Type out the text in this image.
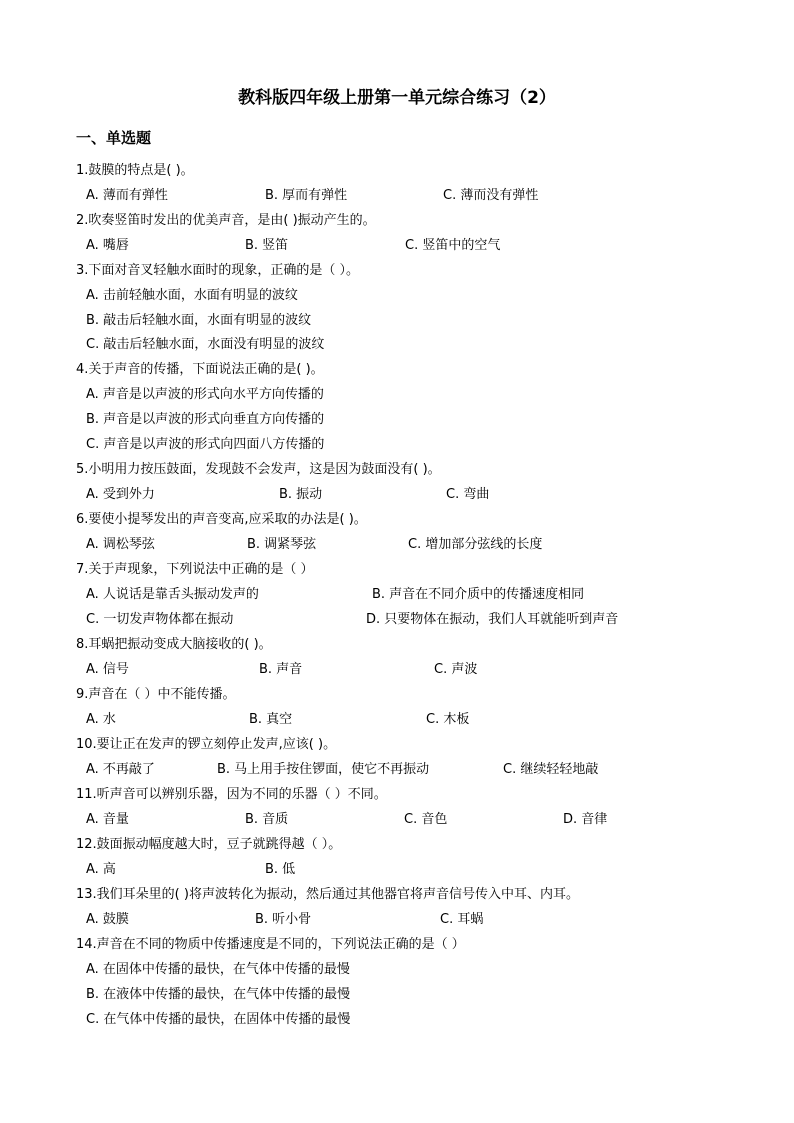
教科版四年级上册第一单元综合练习（2）
一、单选题
1.鼓膜的特点是( )。
A. 薄而有弹性	B. 厚而有弹性	C. 薄而没有弹性
2.吹奏竖笛时发出的优美声音，是由( )振动产生的。
A. 嘴唇	B. 竖笛	C. 竖笛中的空气
3.下面对音叉轻触水面时的现象，正确的是（ ）。
A. 击前轻触水面，水面有明显的波纹
B. 敲击后轻触水面，水面有明显的波纹
C. 敲击后轻触水面，水面没有明显的波纹
4.关于声音的传播，下面说法正确的是( )。
A. 声音是以声波的形式向水平方向传播的
B. 声音是以声波的形式向垂直方向传播的
C. 声音是以声波的形式向四面八方传播的
5.小明用力按压鼓面，发现鼓不会发声，这是因为鼓面没有( )。
A. 受到外力	B. 振动	C. 弯曲
6.要使小提琴发出的声音变高,应采取的办法是( )。
A. 调松琴弦	B. 调紧琴弦	C. 增加部分弦线的长度
7.关于声现象，下列说法中正确的是（ ）
A. 人说话是靠舌头振动发声的	B. 声音在不同介质中的传播速度相同
C. 一切发声物体都在振动	D. 只要物体在振动，我们人耳就能听到声音
8.耳蜗把振动变成大脑接收的( )。
A. 信号	B. 声音	C. 声波
9.声音在（ ）中不能传播。
A. 水	B. 真空	C. 木板
10.要让正在发声的锣立刻停止发声,应该( )。
A. 不再敲了	B. 马上用手按住锣面，使它不再振动	C. 继续轻轻地敲
11.听声音可以辨别乐器，因为不同的乐器（ ）不同。
A. 音量	B. 音质	C. 音色	D. 音律
12.鼓面振动幅度越大时，豆子就跳得越（ ）。
A. 高	B. 低
13.我们耳朵里的( )将声波转化为振动，然后通过其他器官将声音信号传入中耳、内耳。
A. 鼓膜	B. 听小骨	C. 耳蜗
14.声音在不同的物质中传播速度是不同的，下列说法正确的是（ ）
A. 在固体中传播的最快，在气体中传播的最慢
B. 在液体中传播的最快，在气体中传播的最慢
C. 在气体中传播的最快，在固体中传播的最慢
